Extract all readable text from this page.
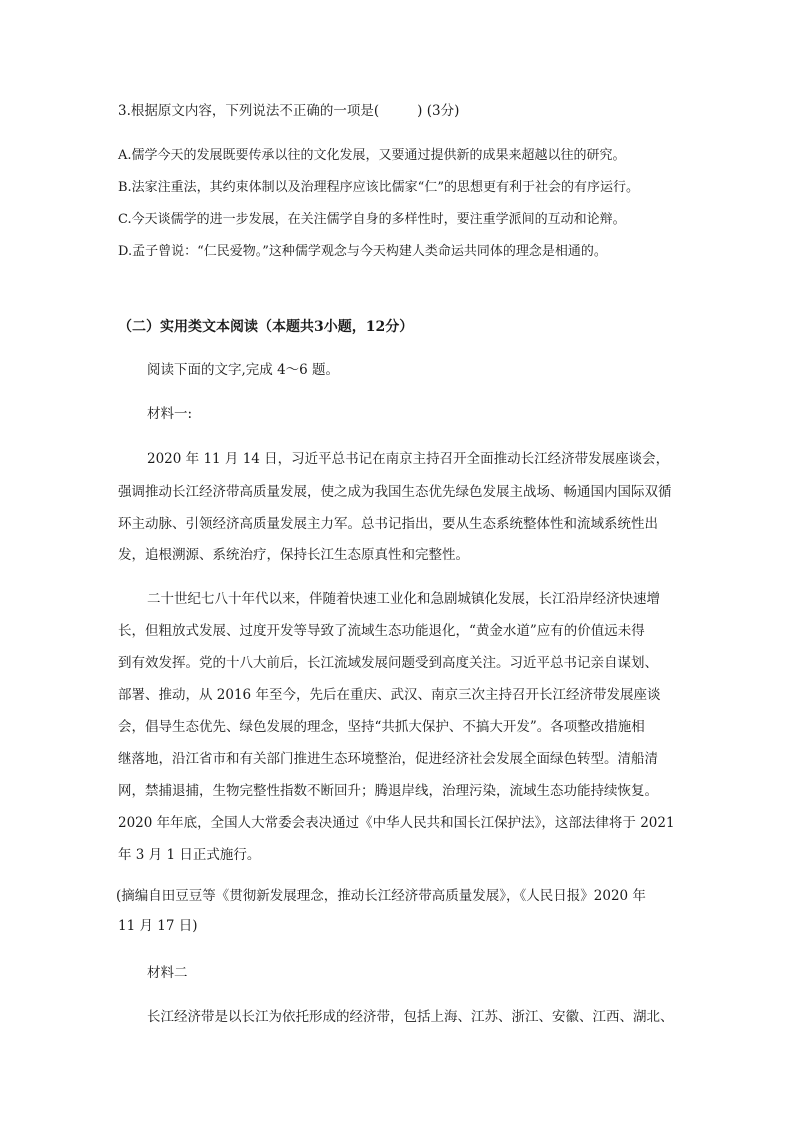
3.根据原文内容，下列说法不正确的一项是(	) (3分)
A.儒学今天的发展既要传承以往的文化发展，又要通过提供新的成果来超越以往的研究。
B.法家注重法，其约束体制以及治理程序应该比儒家“仁”的思想更有利于社会的有序运行。
C.今天谈儒学的进一步发展，在关注儒学自身的多样性时，要注重学派间的互动和论辩。
D.孟子曾说：“仁民爱物。”这种儒学观念与今天构建人类命运共同体的理念是相通的。
（二）实用类文本阅读（本题共3小题，12分）
阅读下面的文字,完成 4～6 题。
材料一:
2020 年 11 月 14 日，习近平总书记在南京主持召开全面推动长江经济带发展座谈会，
强调推动长江经济带高质量发展，使之成为我国生态优先绿色发展主战场、畅通国内国际双循
环主动脉、引领经济高质量发展主力军。总书记指出，要从生态系统整体性和流域系统性出
发，追根溯源、系统治疗，保持长江生态原真性和完整性。
二十世纪七八十年代以来，伴随着快速工业化和急剧城镇化发展，长江沿岸经济快速增
长，但粗放式发展、过度开发等导致了流域生态功能退化，“黄金水道”应有的价值远未得
到有效发挥。党的十八大前后，长江流域发展问题受到高度关注。习近平总书记亲自谋划、
部署、推动，从 2016 年至今，先后在重庆、武汉、南京三次主持召开长江经济带发展座谈
会，倡导生态优先、绿色发展的理念，坚持“共抓大保护、不搞大开发”。各项整改措施相
继落地，沿江省市和有关部门推进生态环境整治，促进经济社会发展全面绿色转型。清船清
网，禁捕退捕，生物完整性指数不断回升；腾退岸线，治理污染，流域生态功能持续恢复。
2020 年年底，全国人大常委会表决通过《中华人民共和国长江保护法》，这部法律将于 2021
年 3 月 1 日正式施行。
(摘编自田豆豆等《贯彻新发展理念，推动长江经济带高质量发展》，《人民日报》2020 年
11 月 17 日)
材料二
长江经济带是以长江为依托形成的经济带，包括上海、江苏、浙江、安徽、江西、湖北、
